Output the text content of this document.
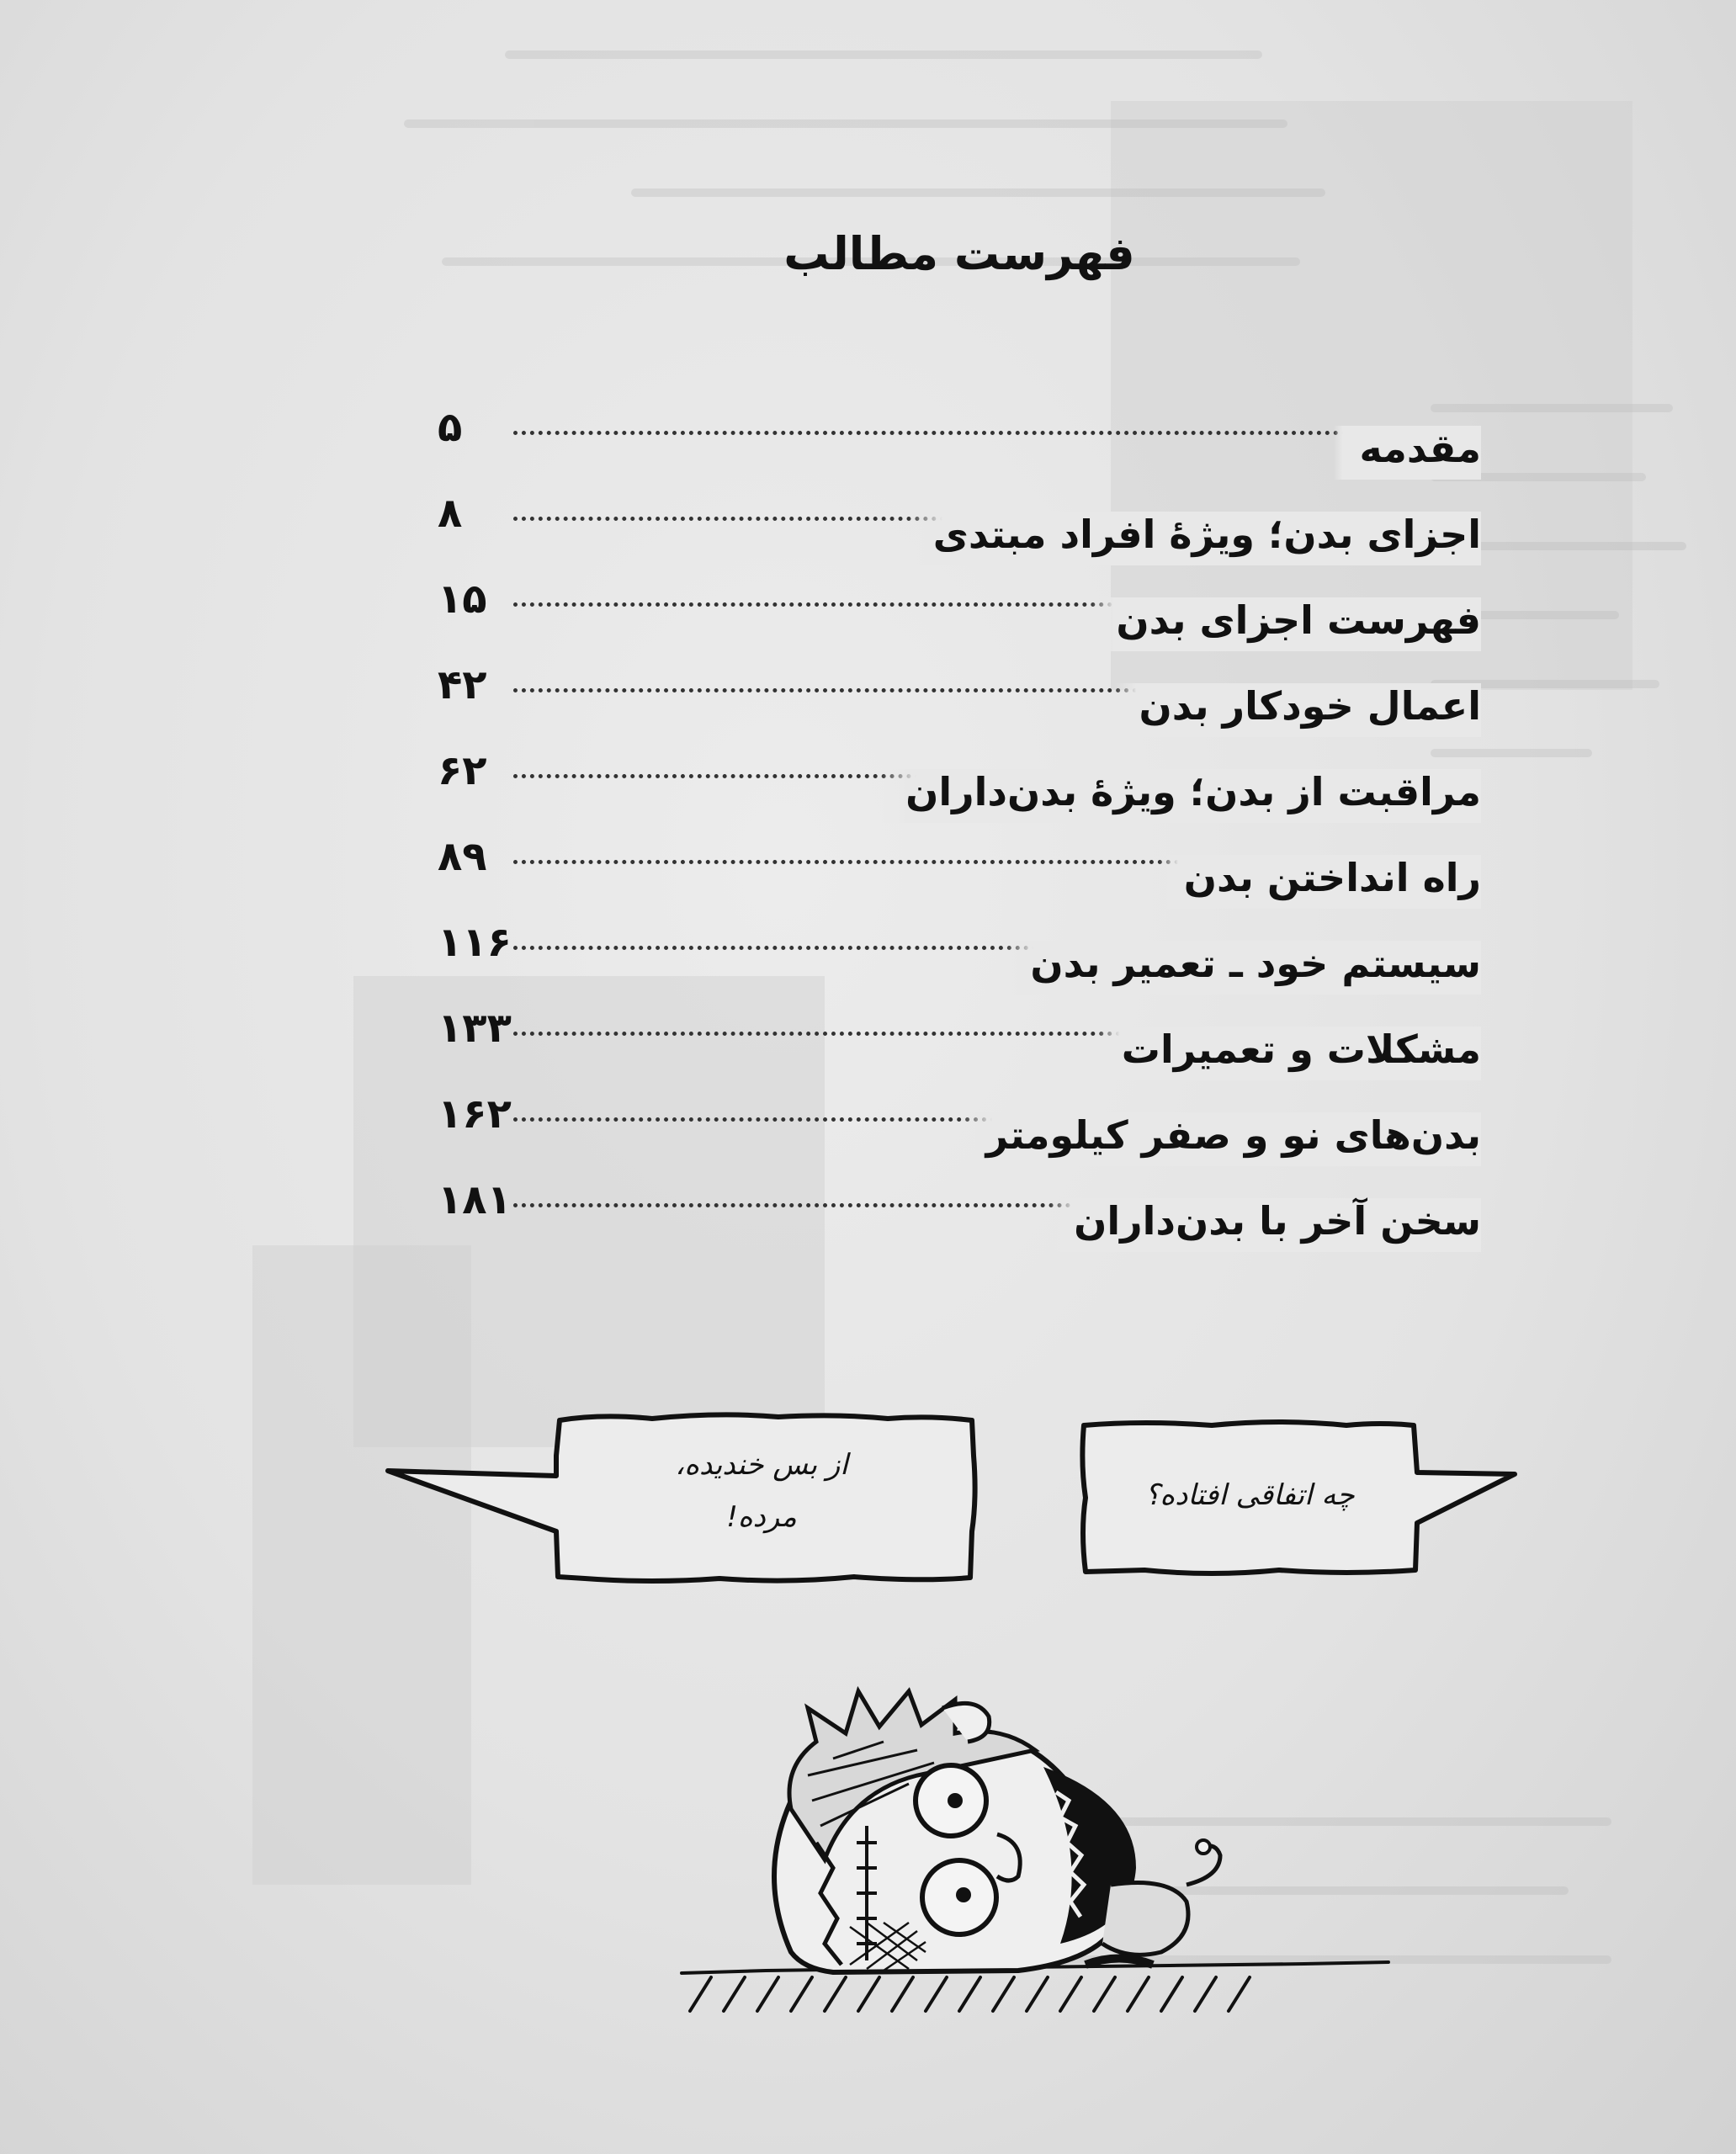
فهرست مطالب
مقدمه
۵
اجزای بدن؛ ویژهٔ افراد مبتدی
۸
فهرست اجزای بدن
۱۵
اعمال خودکار بدن
۴۲
مراقبت از بدن؛ ویژهٔ بدن‌داران
۶۲
راه انداختن بدن
۸۹
سیستم خود ـ تعمیر بدن
۱۱۶
مشکلات و تعمیرات
۱۳۳
بدن‌های نو و صفر کیلومتر
۱۶۲
سخن آخر با بدن‌داران
۱۸۱
از بس خندیده،
مرده!
چه اتفاقی افتاده؟
